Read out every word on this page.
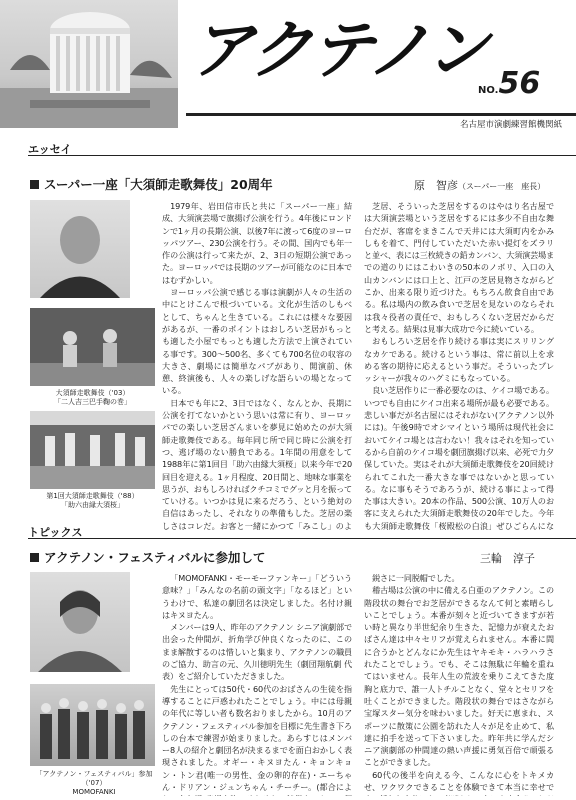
アクテノン
NO.56
名古屋市演劇練習館機関紙
エッセイ
スーパー一座「大須師走歌舞伎」20周年	原　智彦（スーパー一座　座長）
大須師走歌舞伎（'03）
「二人吉三巴手鞠の巻」
第1回大須師走歌舞伎（'88）
「助六由縁大須桜」

1979年、岩田信市氏と共に「スーパー一座」結成、大須演芸場で旗揚げ公演を行う。4年後にロンドンで1ヶ月の長期公演、以後7年に渡って6度のヨーロッパツアー、230公演を行う。その間、国内でも年一作の公演は行って来たが、2、3日の短期公演であった。ヨーロッパでは長期のツアーが可能なのに日本ではむずかしい。

ヨーロッパ公演で感じる事は演劇が人々の生活の中にとけこんで根づいている。文化が生活のしもべとして、ちゃんと生きている。これには様々な要因があるが、一番のポイントはおしろい芝居がもっとも適した小屋でもっとも適した方法で上演されている事です。300～500名、多くても700名位の収容の大きさ、劇場には簡単なパブがあり、開演前、休憩、終演後も、人々の楽しげな語らいの場となっている。

日本でも年に2、3日ではなく、なんとか、長期に公演を打てないかという思いは常に有り、ヨーロッパでの楽しい芝居ざんまいを夢見に始めたのが大須師走歌舞伎である。毎年同じ所で同じ時に公演を打つ、逃げ場のない勝負である。1年間の用意をして1988年に第1回目「助六由縁大須桜」以来今年で20回目を迎える。1ヶ月程度、20日間と、地味な事業を思うが、おもしろければクチコミでグッと月を振ってていける。いつかは見に来るだろう、という絶対の自信はあったし、それなりの準備もした。芝居の楽しさはコレだ。お客と一緒にかつて「みこし」のよ

芝居、そういった芝居をするのはやはり名古屋では大須演芸場という芝居をするには多少不自由な舞台だが、客席をまきこんで天井には大須町内をかみしもを着て、門付していただいた赤い提灯をズラリと並べ、表には三枚続きの鉛カンバン、大須演芸場までの道のりにはこわいきの50本のノボリ、入口の入山カンバンには口上と、江戸の芝居見物さながらどこか、出来る限り近づけた。もちろん飲食自由である。私は場内の飲み食いで芝居を見ないのならそれは我々役者の責任で、おもしろくない芝居だからだと考える。結果は見事大成功で今に続いている。

おもしろい芝居を作り続ける事は実にスリリングなカケである。続けるという事は、常に前以上を求める客の期待に応えるという事だ。そういったプレッシャーが我々のハグミにもなっている。

良い芝居作りに一番必要なのは、ケイコ場である。いつでも自由にケイコ出来る場所が最も必要である。悲しい事だが名古屋にはそれがない(アクテノン以外には)。午後9時でオシマイという場所は現代社会においてケイコ場とは言わない！我々はそれを知っているから自前のケイコ場を劇団旗揚げ以来、必死で力夕保していた。実はそれが大須師走歌舞伎を20回続けられてこれた一番大きな事ではないかと思っている。なに事もそうであろうが、続ける事によって得た事は大きい。20本の作品、500公演、10万人のお客に支えられた大須師走歌舞伎の20年でした。今年も大須師走歌舞伎「桜殿松の白浪」ぜひごらんにな

トピックス
アクテノン・フェスティバルに参加して	三輪　淳子
「アクテノン・フェスティバル」参加（'07）
MOMOFANKI

「MOMOFANKI・モーモーファンキー」「どういう意味？」「みんなの名前の頭文字」「なるほど」というわけで、私達の劇団名は決定しました。名付け親はキヌヨたん。

メンバーは9人、昨年のアクテノン シニア演劇部で出会った仲間が、折角学び仲良くなったのに、このまま解散するのは惜しいと集まり、アクテノンの職員のご協力、助言の元、久川徳明先生（劇団翔航劇 代表）をご紹介していただきました。

先生にとっては50代・60代のおばさんの生徒を指導することに戸惑われたことでしょう。中には母親の年代に等しい者も数名おりましたから。10月のアクテノン・フェスティバル参加を目標に先生書き下ろしの台本で練習が始まりました。あらすじはメンバー8人の紹介と劇団名が決まるまでを面白おかしく表現されました。オギー・キヌヨたん・キョンキョン・トン君(唯一の男性、金の卵的存在)・エーちゃん・ドリアン・ジュンちゃん・チーチー。(都合によ

鋭さに一同脱帽でした。

稽古場は公演の中に備える白亜のアクテノン。この階段状の舞台でお芝居ができるなんて何と素晴らしいことでしょう。本番が刻々と近づいてきますが若い時と異なり半世紀余り生きた、記憶力が衰えたおばさん達は中々セリフが覚えられません。本番に間に合うかとどんなにか先生はヤキモキ・ハラハラされたことでしょう。でも、そこは無駄に年輪を重ねてはいません。長年人生の荒波を乗りこえてきた度胸と底力で、誰一人トチルことなく、堂々とセリフを吐くことができました。階段状の舞台ではさながら宝塚スター気分を味わいました。好天に恵まれ、スポーツに散策に公園を訪れた人々が足を止めて、私達に拍手を送って下さいました。昨年共に学んだシニア演劇部の仲間達の熱い声援に勇気百倍で頑張ることができました。

60代の後半を向える今、こんなに心をトキメカせ、ワクワクできることを体験できて本当に幸せで
